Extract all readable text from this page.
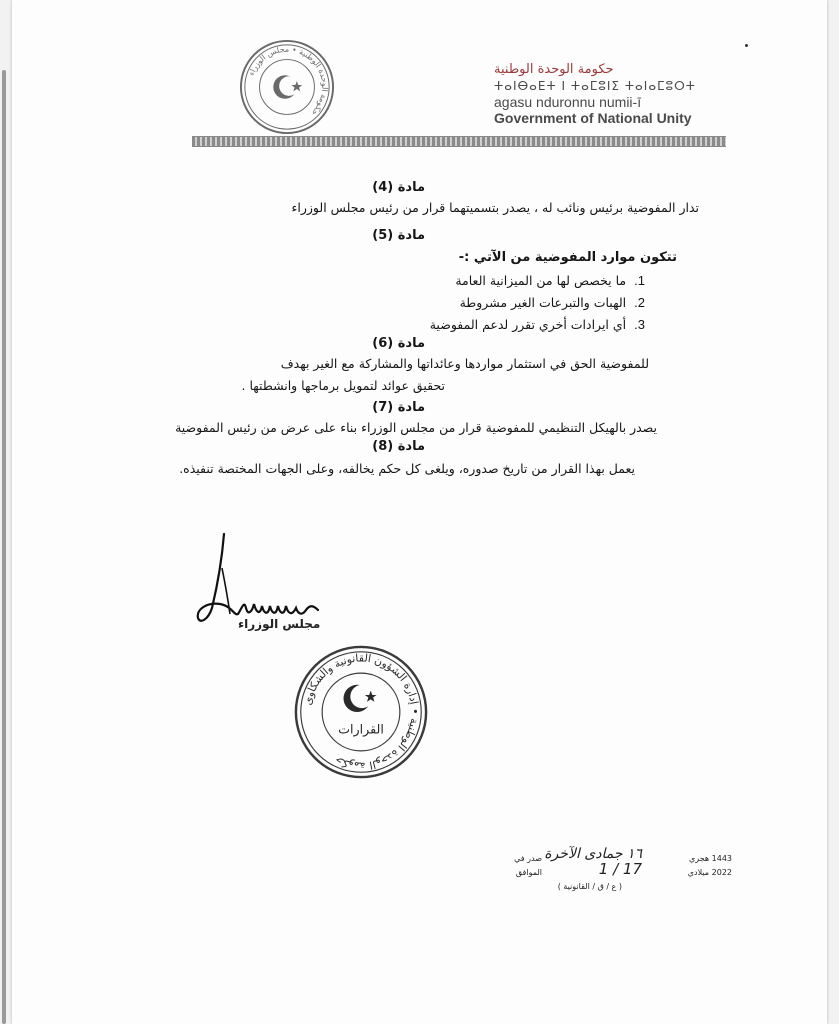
حكومة الوحدة الوطنية • مجلس الوزراء
حكومة الوحدة الوطنية
ⵜⴰⵏⴱⴰⴹⵜ ⵏ ⵜⴰⵎⵓⵏⵉ ⵜⴰⵏⴰⵎⵓⵔⵜ
agasu nduronnu numii-ī
Government of National Unity
مادة (4)
تدار المفوضية برئيس ونائب له ، يصدر بتسميتهما قرار من رئيس مجلس الوزراء
مادة (5)
تتكون موارد المفوضية من الآتي :-
1.ما يخصص لها من الميزانية العامة
2.الهبات والتبرعات الغير مشروطة
3.أي ايرادات أخري تقرر لدعم المفوضية
مادة (6)
للمفوضية الحق في استثمار مواردها وعائداتها والمشاركة مع الغير بهدف
تحقيق عوائد لتمويل برماجها وانشطتها .
مادة (7)
يصدر بالهيكل التنظيمي للمفوضية قرار من مجلس الوزراء بناء على عرض من رئيس المفوضية
مادة (8)
يعمل بهذا القرار من تاريخ صدوره، ويلغى كل حكم يخالفه، وعلى الجهات المختصة تنفيذه.
مجلس الوزراء
حكومة الوحدة الوطنية • إدارة الشؤون القانونية والشكاوى
القرارات
١٦ جمادى الآخرة
صدر في	1443 هجري
الموافق	1 / 17	2022 ميلادي
( ع / ق / القانونية )
